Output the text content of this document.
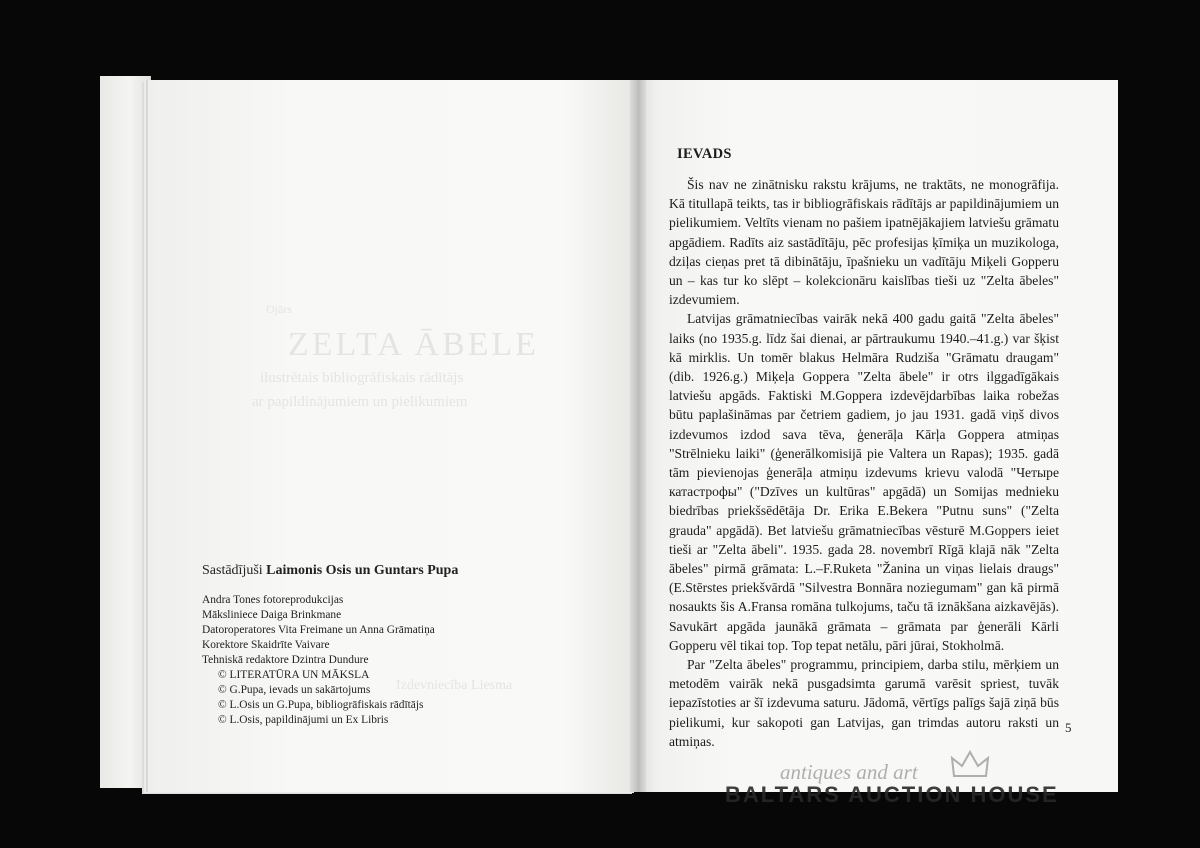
Ojārs
ZELTA ĀBELE
ilustrētais bibliogrāfiskais rādītājs
ar papildinājumiem un pielikumiem
Izdevniecība Liesma
Sastādījuši Laimonis Osis un Guntars Pupa
Andra Tones fotoreprodukcijas
Māksliniece Daiga Brinkmane
Datoroperatores Vita Freimane un Anna Grāmatiņa
Korektore Skaidrīte Vaivare
Tehniskā redaktore Dzintra Dundure
© LITERATŪRA UN MĀKSLA
© G.Pupa, ievads un sakārtojums
© L.Osis un G.Pupa, bibliogrāfiskais rādītājs
© L.Osis, papildinājumi un Ex Libris
IEVADS

Šis nav ne zinātnisku rakstu krājums, ne traktāts, ne monogrāfija. Kā titullapā teikts, tas ir bibliogrāfiskais rādītājs ar papildinājumiem un pielikumiem. Veltīts vienam no pašiem ipatnējākajiem latviešu grāmatu apgādiem. Radīts aiz sastādītāju, pēc profesijas ķīmiķa un muzikologa, dziļas cieņas pret tā dibinātāju, īpašnieku un vadītāju Miķeli Gopperu un – kas tur ko slēpt – kolekcionāru kaislības tieši uz "Zelta ābeles" izdevumiem.

Latvijas grāmatniecības vairāk nekā 400 gadu gaitā "Zelta ābeles" laiks (no 1935.g. līdz šai dienai, ar pārtraukumu 1940.–41.g.) var šķist kā mirklis. Un tomēr blakus Helmāra Rudziša "Grāmatu draugam" (dib. 1926.g.) Miķeļa Goppera "Zelta ābele" ir otrs ilggadīgākais latviešu apgāds. Faktiski M.Goppera izdevējdarbības laika robežas būtu paplašināmas par četriem gadiem, jo jau 1931. gadā viņš divos izdevumos izdod sava tēva, ģenerāļa Kārļa Goppera atmiņas "Strēlnieku laiki" (ģenerālkomisijā pie Valtera un Rapas); 1935. gadā tām pievienojas ģenerāļa atmiņu izdevums krievu valodā "Четыре катастрофы" ("Dzīves un kultūras" apgādā) un Somijas mednieku biedrības priekšsēdētāja Dr. Erika E.Bekera "Putnu suns" ("Zelta grauda" apgādā). Bet latviešu grāmatniecības vēsturē M.Goppers ieiet tieši ar "Zelta ābeli". 1935. gada 28. novembrī Rīgā klajā nāk "Zelta ābeles" pirmā grāmata: L.–F.Ruketa "Žanina un viņas lielais draugs" (E.Stērstes priekšvārdā "Silvestra Bonnāra noziegumam" gan kā pirmā nosaukts šis A.Fransa romāna tulkojums, taču tā iznākšana aizkavējās). Savukārt apgāda jaunākā grāmata – grāmata par ģenerāli Kārli Gopperu vēl tikai top. Top tepat netālu, pāri jūrai, Stokholmā.

Par "Zelta ābeles" programmu, principiem, darba stilu, mērķiem un metodēm vairāk nekā pusgadsimta garumā varēsit spriest, tuvāk iepazīstoties ar šī izdevuma saturu. Jādomā, vērtīgs palīgs šajā ziņā būs pielikumi, kur sakopoti gan Latvijas, gan trimdas autoru raksti un atmiņas.

5
antiques and art
BALTARS AUCTION HOUSE
